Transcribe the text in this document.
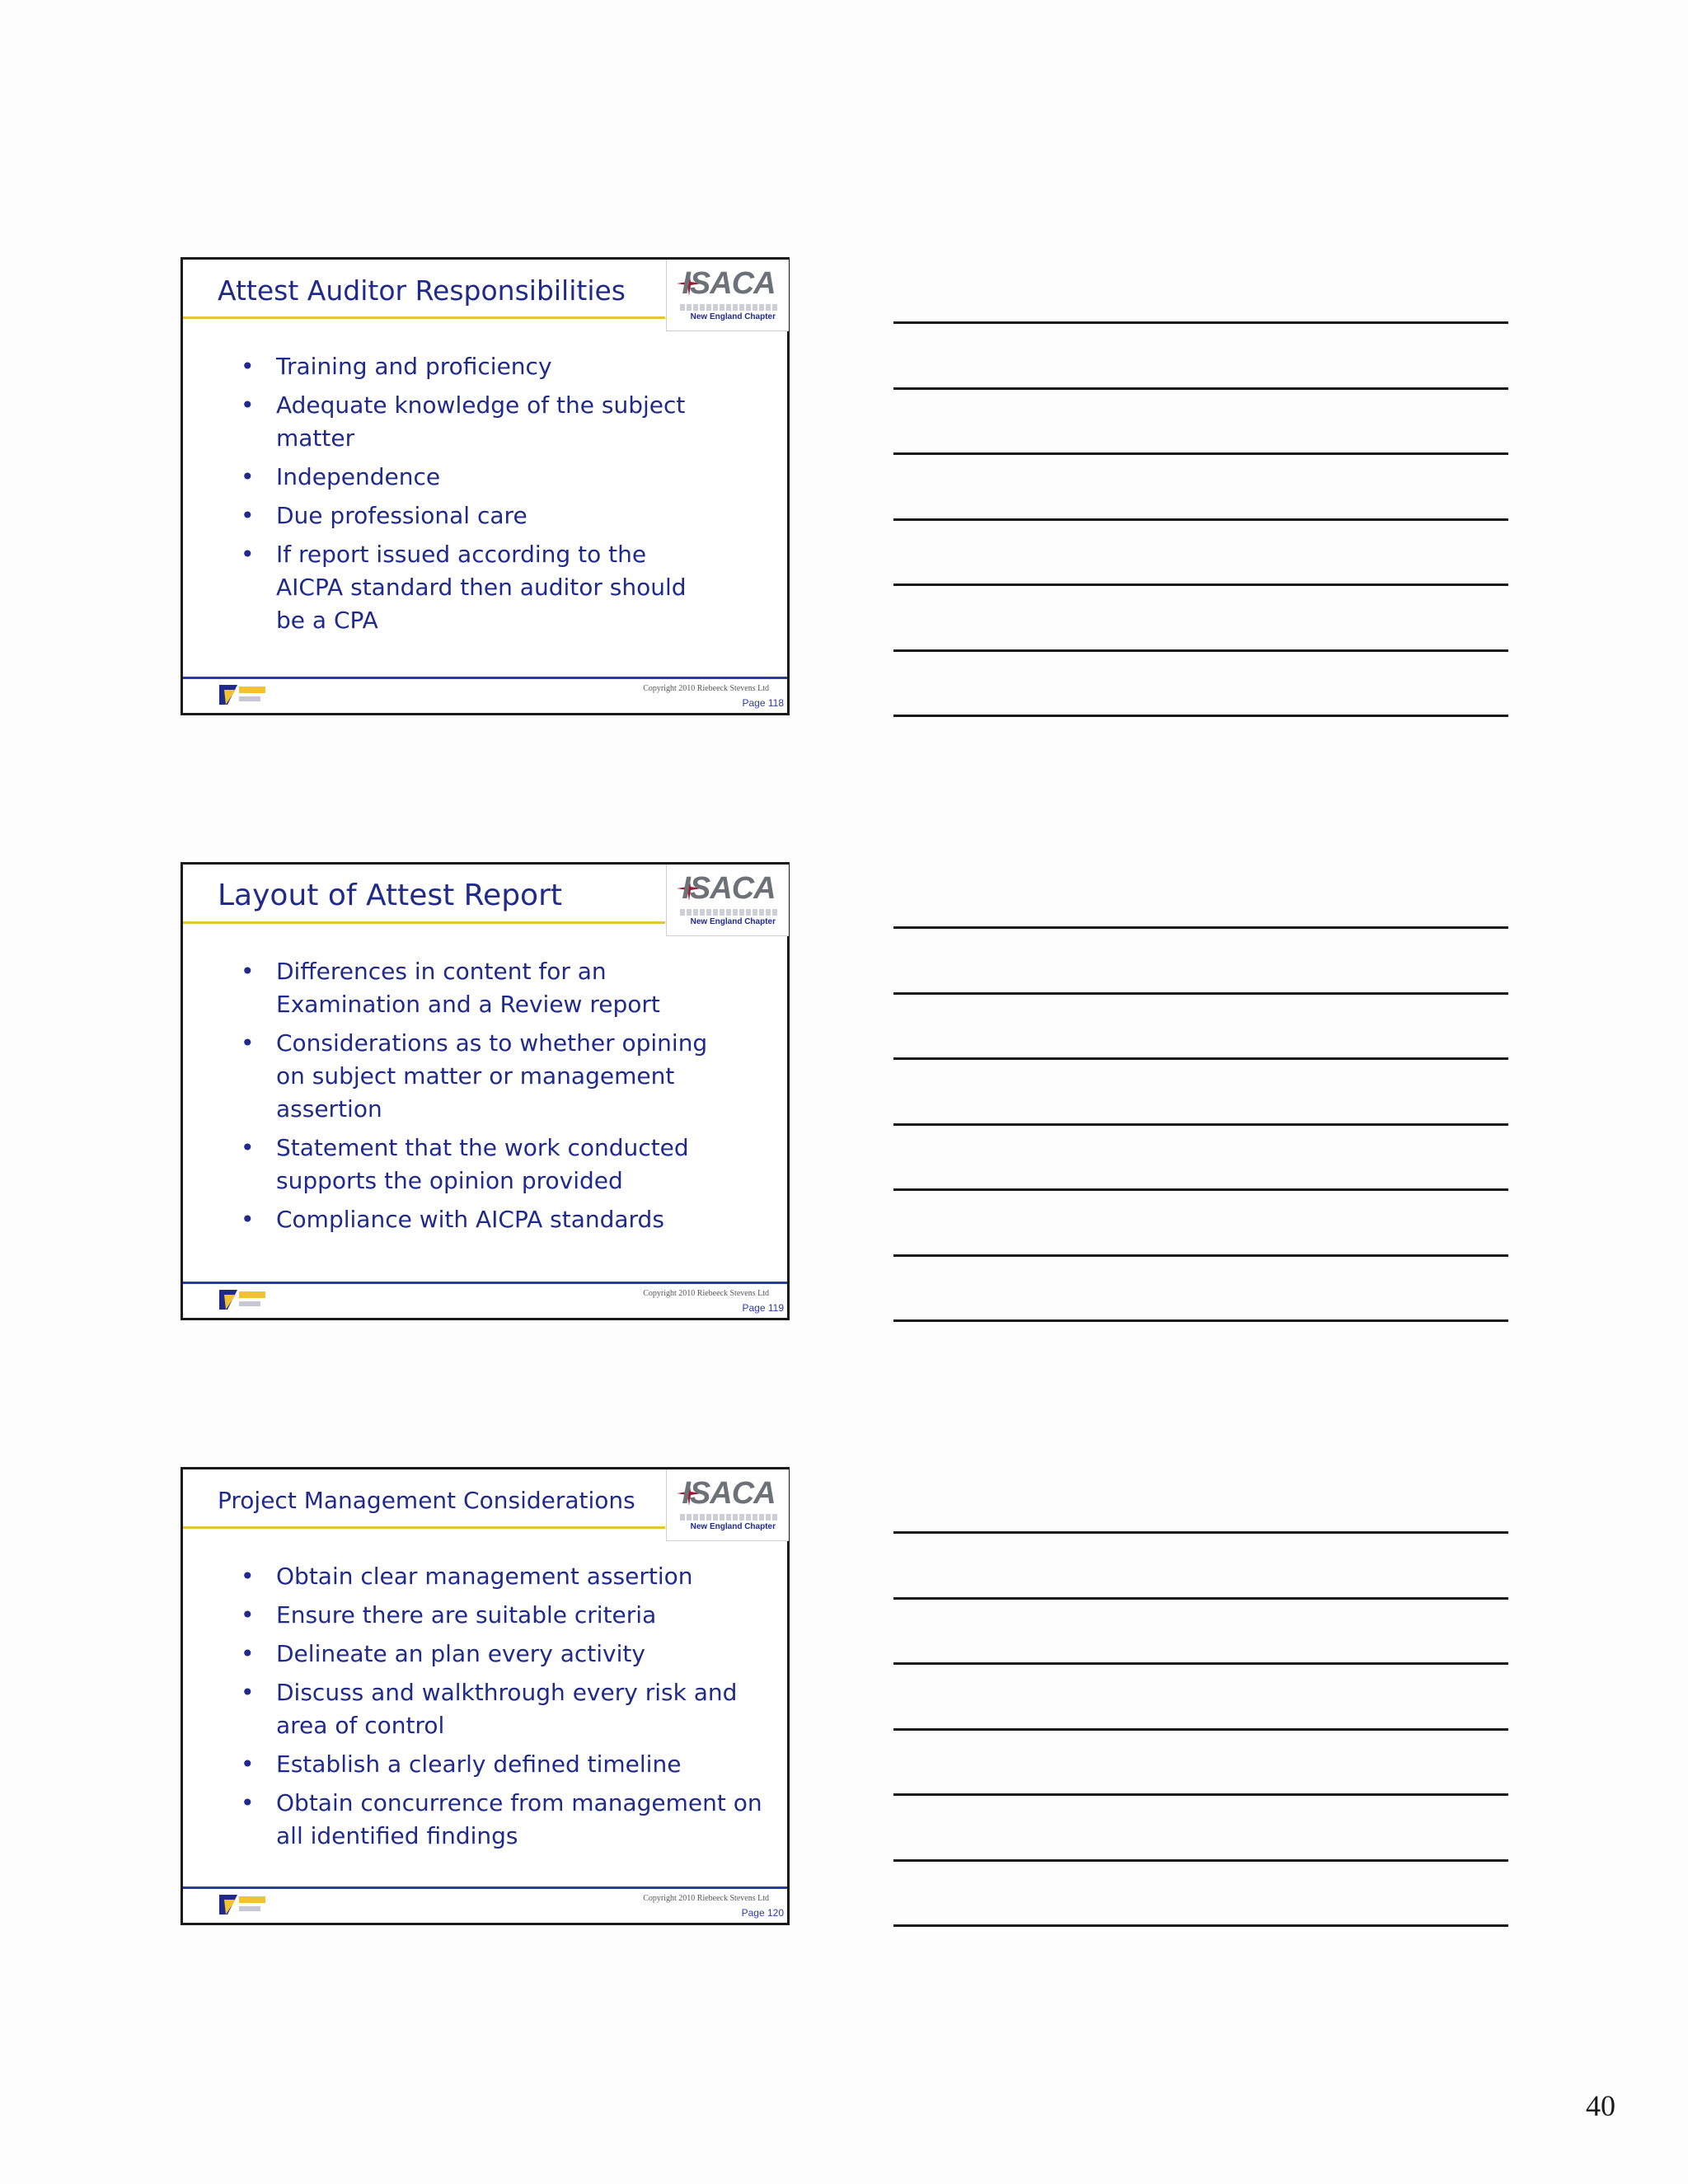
Attest Auditor Responsibilities	ISACA
New England Chapter
• Training and proficiency
• Adequate knowledge of the subject matter
• Independence
• Due professional care
• If report issued according to the AICPA standard then auditor should be a CPA
Copyright 2010 Riebeeck Stevens Ltd
Page 118
Layout of Attest Report	ISACA
New England Chapter
• Differences in content for an Examination and a Review report
• Considerations as to whether opining on subject matter or management assertion
• Statement that the work conducted supports the opinion provided
• Compliance with AICPA standards
Copyright 2010 Riebeeck Stevens Ltd
Page 119
Project Management Considerations	ISACA
New England Chapter
• Obtain clear management assertion
• Ensure there are suitable criteria
• Delineate an plan every activity
• Discuss and walkthrough every risk and area of control
• Establish a clearly defined timeline
• Obtain concurrence from management on all identified findings
Copyright 2010 Riebeeck Stevens Ltd
Page 120
40
